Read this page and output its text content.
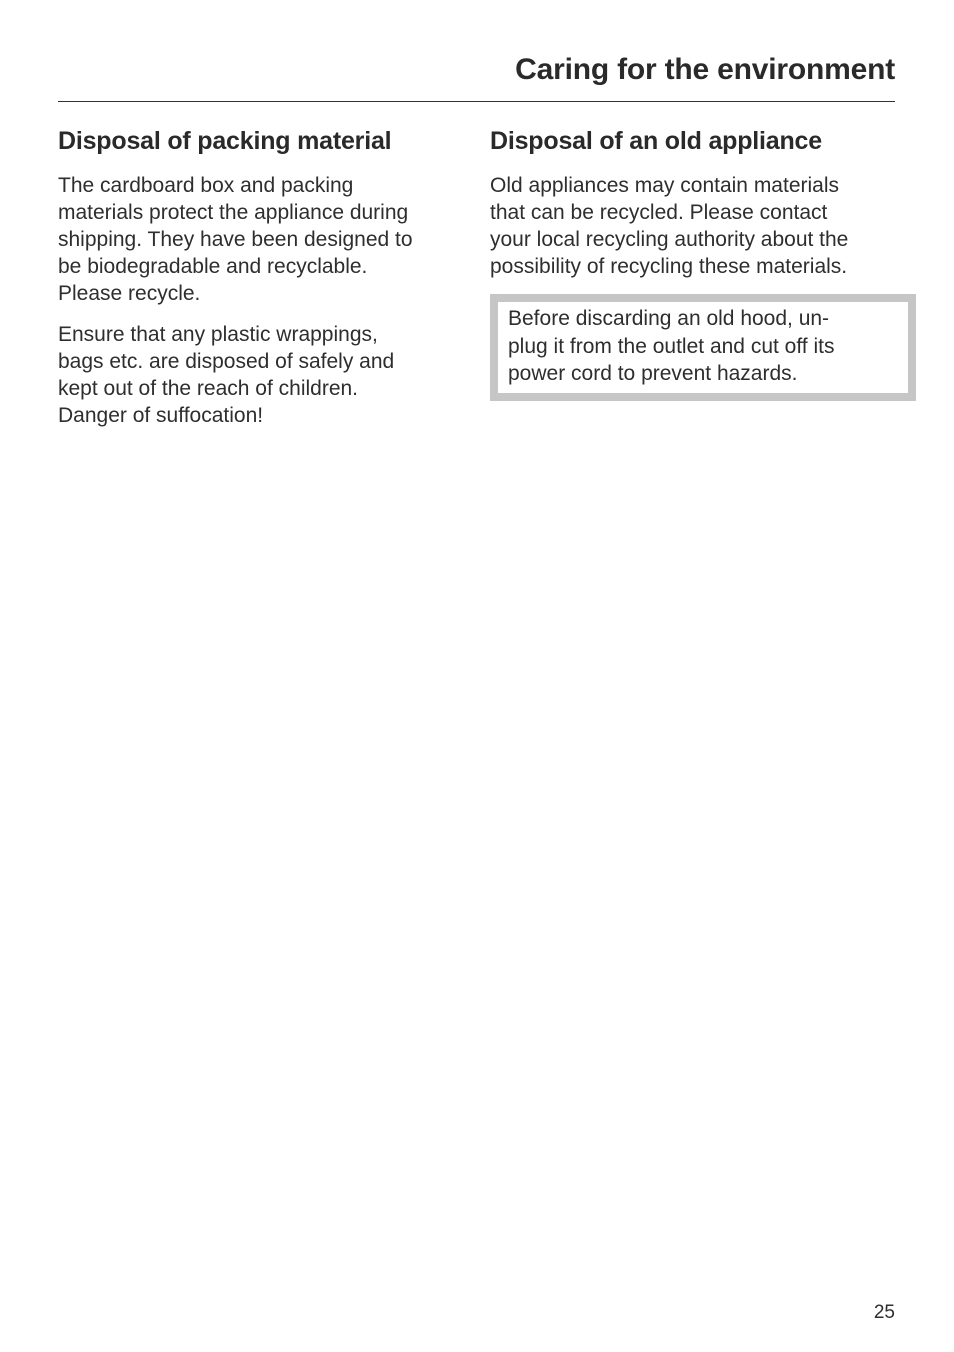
Caring for the environment
Disposal of packing material

The cardboard box and packing
materials protect the appliance during
shipping. They have been designed to
be biodegradable and recyclable.
Please recycle.

Ensure that any plastic wrappings,
bags etc. are disposed of safely and
kept out of the reach of children.
Danger of suffocation!

Disposal of an old appliance

Old appliances may contain materials
that can be recycled. Please contact
your local recycling authority about the
possibility of recycling these materials.

Before discarding an old hood, un-
plug it from the outlet and cut off its
power cord to prevent hazards.

25
